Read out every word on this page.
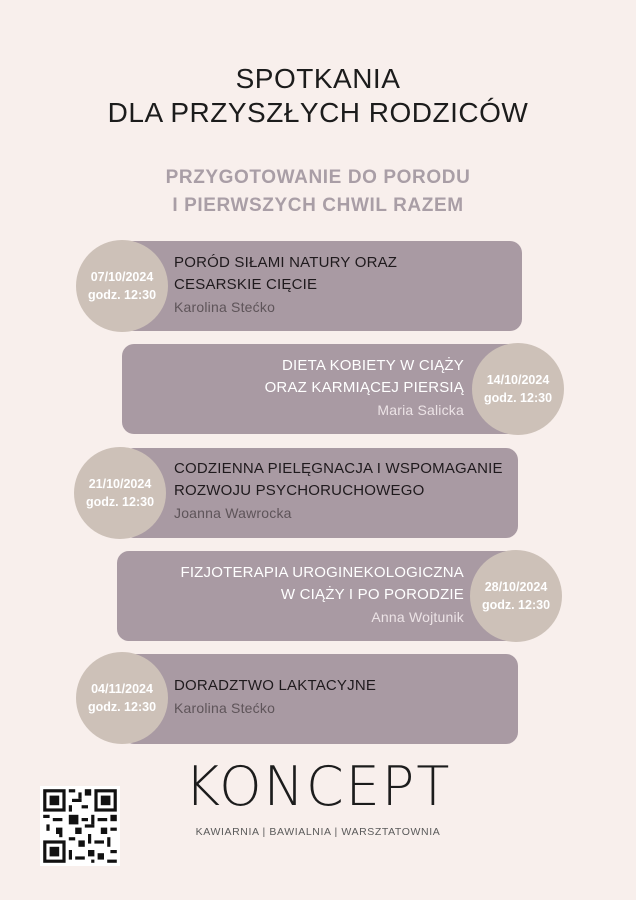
SPOTKANIA
DLA PRZYSZŁYCH RODZICÓW
PRZYGOTOWANIE DO PORODU
I PIERWSZYCH CHWIL RAZEM
07/10/2024
godz. 12:30
PORÓD SIŁAMI NATURY ORAZ
CESARSKIE CIĘCIE
Karolina Stećko
14/10/2024
godz. 12:30
DIETA KOBIETY W CIĄŻY
ORAZ KARMIĄCEJ PIERSIĄ
Maria Salicka
21/10/2024
godz. 12:30
CODZIENNA PIELĘGNACJA I WSPOMAGANIE
ROZWOJU PSYCHORUCHOWEGO
Joanna Wawrocka
28/10/2024
godz. 12:30
FIZJOTERAPIA UROGINEKOLOGICZNA
W CIĄŻY I PO PORODZIE
Anna Wojtunik
04/11/2024
godz. 12:30
DORADZTWO LAKTACYJNE
Karolina Stećko
KONCEPT
KAWIARNIA | BAWIALNIA | WARSZTATOWNIA
